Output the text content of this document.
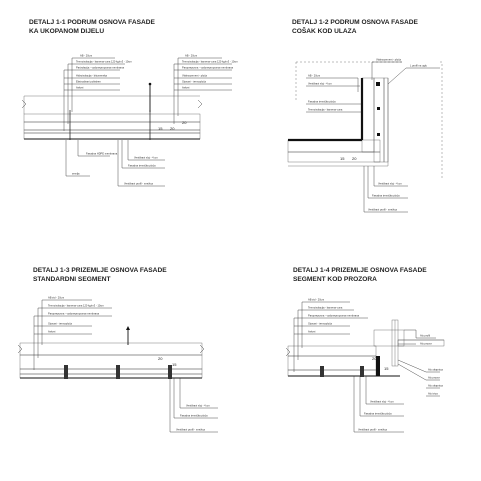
DETALJ 1-1 PODRUM OSNOVA FASADE
KA UKOPANOM DIJELU
15 20
20
AB - 20cm
Termoizolacija - kamena vuna 120 kg/m3 - 10cm
Parizolacija - vodonepropusna membrana
Hidroizolacija - bitumenska
Ekstrudirani polistiren
Ankeri
AB - 20cm
Termoizolacija - kamena vuna 120 kg/m3 - 10cm
Paroprepusna - vodonepropusna membrana
Vlaknocement - ploča
Gipsani - termoploča
Ankeri
Fasadna HDPE membrana
zemlja
Ventilirani sloj - 4 cm
Fasadna termička ploča
Ventilirani profil - mrežica
DETALJ 1-2 PODRUM OSNOVA FASADE
COŠAK KOD ULAZA
15 20
Vlaknocement - ploča
AB - 20cm
Ventilirani sloj - 4 cm
Fasadna termička ploča
Termoizolacija - kamena vuna
L profil na uglu
Ventilirani sloj - 4 cm
Fasadna termička ploča
Ventilirani profil - mrežica
DETALJ 1-3 PRIZEMLJE OSNOVA FASADE
STANDARDNI SEGMENT
20
15
AB zid - 20cm
Termoizolacija - kamena vuna 120 kg/m3 - 10cm
Paroprepusna - vodonepropusna membrana
Gipsani - termoploča
Ankeri
Ventilirani sloj - 4 cm
Fasadna termička ploča
Ventilirani profil - mrežica
DETALJ 1-4 PRIZEMLJE OSNOVA FASADE
SEGMENT KOD PROZORA
20
15
AB zid - 20cm
Termoizolacija - kamena vuna
Paroprepusna - vodonepropusna membrana
Gipsani - termoploča
Ankeri
Alu profil
Alu prozor
Alu okapnica
Alu prozor
Alu okapnica
Alu ivica
Ventilirani sloj - 4 cm
Fasadna termička ploča
Ventilirani profil - mrežica
